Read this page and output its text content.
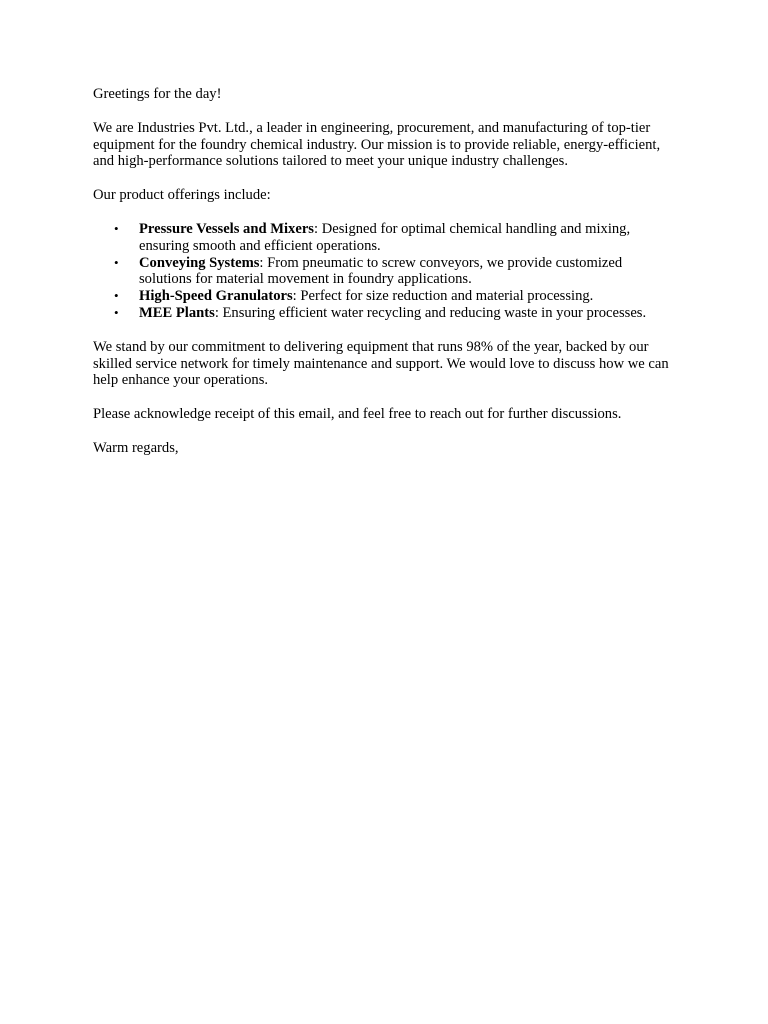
Greetings for the day!

We are Industries Pvt. Ltd., a leader in engineering, procurement, and manufacturing of top-tier equipment for the foundry chemical industry. Our mission is to provide reliable, energy-efficient, and high-performance solutions tailored to meet your unique industry challenges.

Our product offerings include:

• Pressure Vessels and Mixers: Designed for optimal chemical handling and mixing, ensuring smooth and efficient operations.
• Conveying Systems: From pneumatic to screw conveyors, we provide customized solutions for material movement in foundry applications.
• High-Speed Granulators: Perfect for size reduction and material processing.
• MEE Plants: Ensuring efficient water recycling and reducing waste in your processes.

We stand by our commitment to delivering equipment that runs 98% of the year, backed by our skilled service network for timely maintenance and support. We would love to discuss how we can help enhance your operations.

Please acknowledge receipt of this email, and feel free to reach out for further discussions.

Warm regards,
